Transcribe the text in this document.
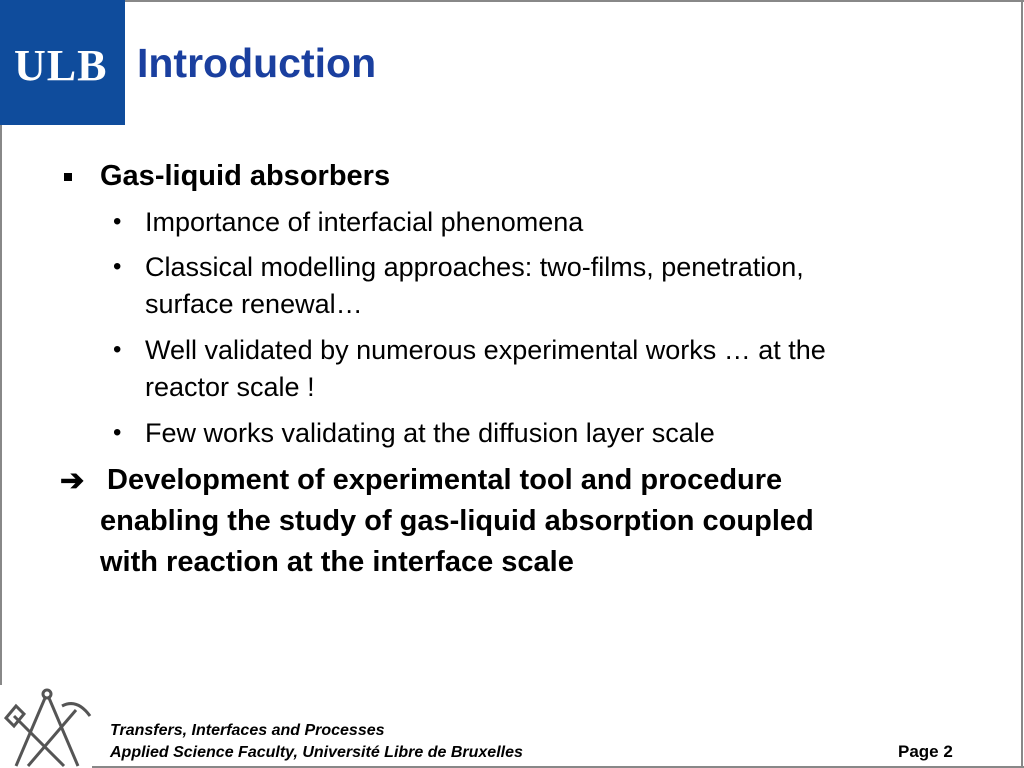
ULB Introduction
Gas-liquid absorbers
• Importance of interfacial phenomena
• Classical modelling approaches: two-films, penetration,
surface renewal…
• Well validated by numerous experimental works … at the
reactor scale !
• Few works validating at the diffusion layer scale
➔ Development of experimental tool and procedure
enabling the study of gas-liquid absorption coupled
with reaction at the interface scale
Transfers, Interfaces and Processes
Applied Science Faculty, Université Libre de Bruxelles	Page 2
